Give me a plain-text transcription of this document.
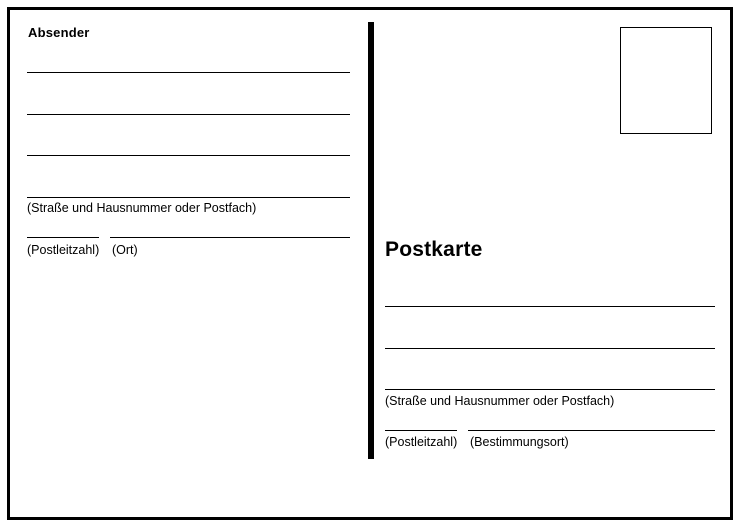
Absender
(Straße und Hausnummer oder Postfach)
(Postleitzahl) (Ort)	Postkarte
(Straße und Hausnummer oder Postfach)
(Postleitzahl) (Bestimmungsort)
